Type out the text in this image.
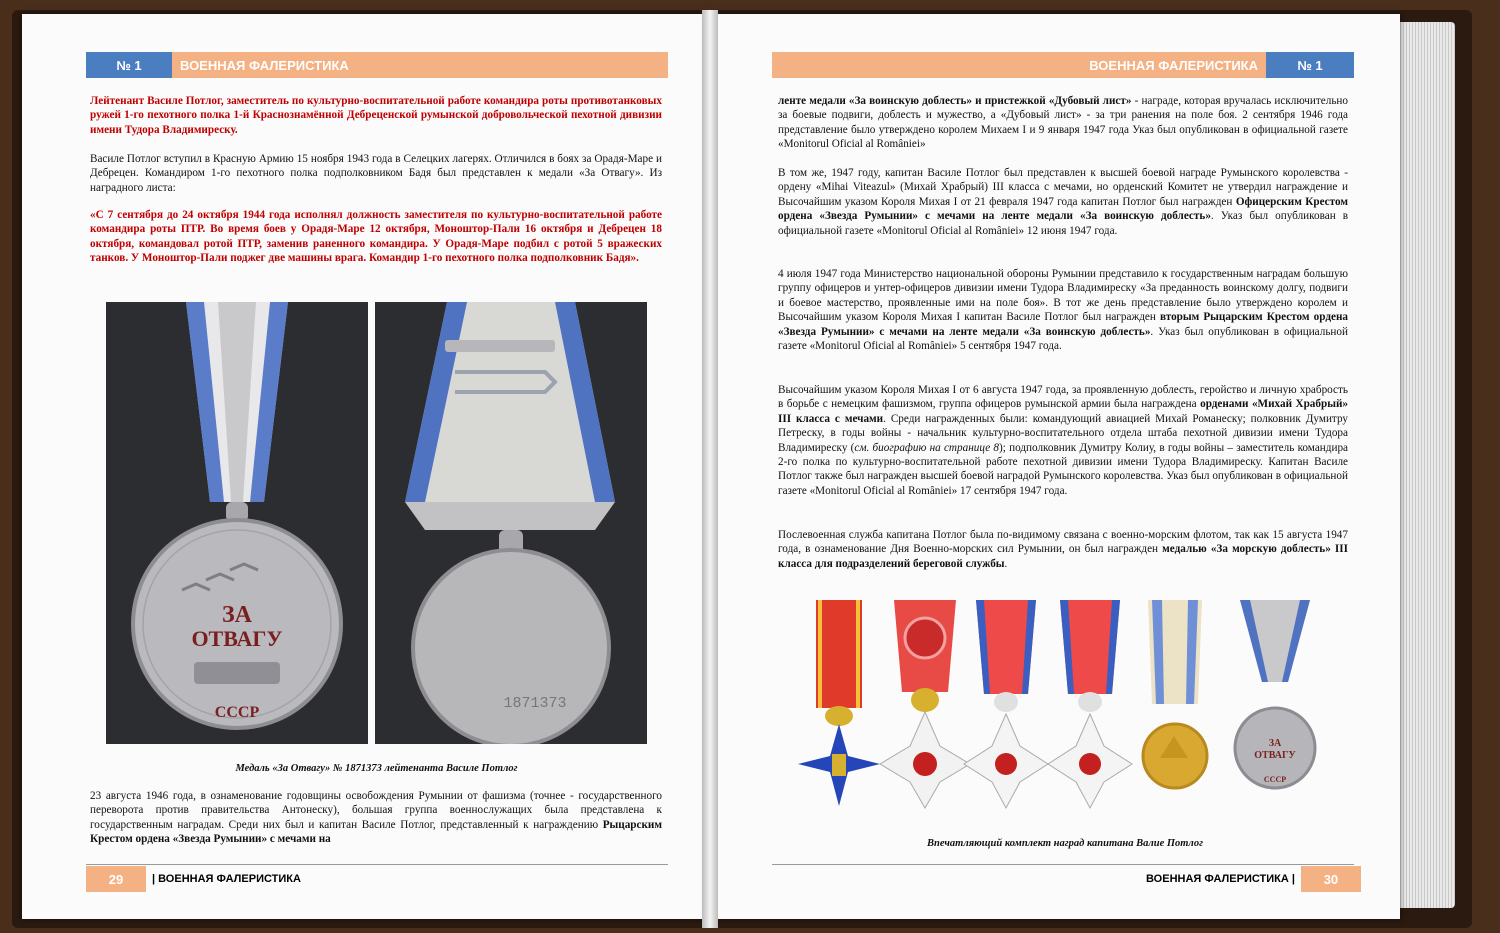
№ 1	ВОЕННАЯ ФАЛЕРИСТИКА

Лейтенант Василе Потлог, заместитель по культурно-воспитательной работе командира роты противотанковых ружей 1-го пехотного полка 1-й Краснознамённой Дебреценской румынской добровольческой пехотной дивизии имени Тудора Владимиреску.

Василе Потлог вступил в Красную Армию 15 ноября 1943 года в Селецких лагерях. Отличился в боях за Орадя-Маре и Дебрецен. Командиром 1-го пехотного полка подполковником Бадя был представлен к медали «За Отвагу». Из наградного листа:

«С 7 сентября до 24 октября 1944 года исполнял должность заместителя по культурно-воспитательной работе командира роты ПТР. Во время боев у Орадя-Маре 12 октября, Моноштор-Пали 16 октября и Дебрецен 18 октября, командовал ротой ПТР, заменив раненного командира. У Орадя-Маре подбил с ротой 5 вражеских танков. У Моноштор-Пали поджег две машины врага. Командир 1-го пехотного полка подполковник Бадя».

ЗА
ОТВАГУ
СССР
1871373
Медаль «За Отвагу» № 1871373 лейтенанта Василе Потлог

23 августа 1946 года, в ознаменование годовщины освобождения Румынии от фашизма (точнее - государственного переворота против правительства Антонеску), большая группа военнослужащих была представлена к государственным наградам. Среди них был и капитан Василе Потлог, представленный к награждению Рыцарским Крестом ордена «Звезда Румынии» с мечами на

29	| ВОЕННАЯ ФАЛЕРИСТИКА
ВОЕННАЯ ФАЛЕРИСТИКА	№ 1

ленте медали «За воинскую доблесть» и пристежкой «Дубовый лист» - награде, которая вручалась исключительно за боевые подвиги, доблесть и мужество, а «Дубовый лист» - за три ранения на поле боя. 2 сентября 1946 года представление было утверждено королем Михаем I и 9 января 1947 года Указ был опубликован в официальной газете «Monitorul Oficial al României»

В том же, 1947 году, капитан Василе Потлог был представлен к высшей боевой награде Румынского королевства - ордену «Mihai Viteazul» (Михай Храбрый) III класса с мечами, но орденский Комитет не утвердил награждение и Высочайшим указом Короля Михая I от 21 февраля 1947 года капитан Потлог был награжден Офицерским Крестом ордена «Звезда Румынии» с мечами на ленте медали «За воинскую доблесть». Указ был опубликован в официальной газете «Monitorul Oficial al României» 12 июня 1947 года.

4 июля 1947 года Министерство национальной обороны Румынии представило к государственным наградам большую группу офицеров и унтер-офицеров дивизии имени Тудора Владимиреску «За преданность воинскому долгу, подвиги и боевое мастерство, проявленные ими на поле боя». В тот же день представление было утверждено королем и Высочайшим указом Короля Михая I капитан Василе Потлог был награжден вторым Рыцарским Крестом ордена «Звезда Румынии» с мечами на ленте медали «За воинскую доблесть». Указ был опубликован в официальной газете «Monitorul Oficial al României» 5 сентября 1947 года.

Высочайшим указом Короля Михая I от 6 августа 1947 года, за проявленную доблесть, геройство и личную храбрость в борьбе с немецким фашизмом, группа офицеров румынской армии была награждена орденами «Михай Храбрый» III класса с мечами. Среди награжденных были: командующий авиацией Михай Романеску; полковник Думитру Петреску, в годы войны - начальник культурно-воспитательного отдела штаба пехотной дивизии имени Тудора Владимиреску (см. биографию на странице 8); подполковник Думитру Колиу, в годы войны – заместитель командира 2-го полка по культурно-воспитательной работе пехотной дивизии имени Тудора Владимиреску. Капитан Василе Потлог также был награжден высшей боевой наградой Румынского королевства. Указ был опубликован в официальной газете «Monitorul Oficial al României» 17 сентября 1947 года.

Послевоенная служба капитана Потлог была по-видимому связана с военно-морским флотом, так как 15 августа 1947 года, в ознаменование Дня Военно-морских сил Румынии, он был награжден медалью «За морскую доблесть» III класса для подразделений береговой службы.

ЗА
ОТВАГУ
СССР
Впечатляющий комплект наград капитана Валие Потлог
ВОЕННАЯ ФАЛЕРИСТИКА |	30
